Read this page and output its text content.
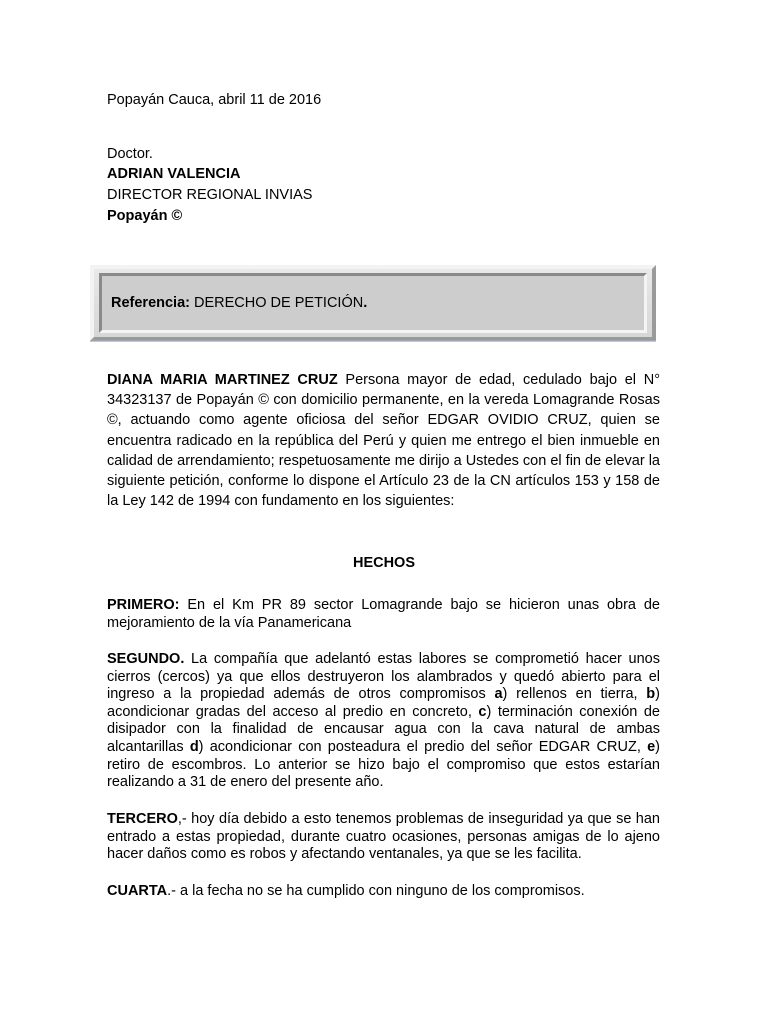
Popayán Cauca, abril 11 de 2016
Doctor.
ADRIAN VALENCIA
DIRECTOR REGIONAL INVIAS
Popayán ©
Referencia: DERECHO DE PETICIÓN.
DIANA MARIA MARTINEZ CRUZ Persona mayor de edad, cedulado bajo el N° 34323137 de Popayán © con domicilio permanente, en la vereda Lomagrande Rosas ©, actuando como agente oficiosa del señor EDGAR OVIDIO CRUZ, quien se encuentra radicado en la república del Perú y quien me entrego el bien inmueble en calidad de arrendamiento; respetuosamente me dirijo a Ustedes con el fin de elevar la siguiente petición, conforme lo dispone el Artículo 23 de la CN artículos 153 y 158 de la Ley 142 de 1994 con fundamento en los siguientes:
HECHOS
PRIMERO: En el Km PR 89 sector Lomagrande bajo se hicieron unas obra de mejoramiento de la vía Panamericana
SEGUNDO. La compañía que adelantó estas labores se comprometió hacer unos cierros (cercos) ya que ellos destruyeron los alambrados y quedó abierto para el ingreso a la propiedad además de otros compromisos a) rellenos en tierra, b) acondicionar gradas del acceso al predio en concreto, c) terminación conexión de disipador con la finalidad de encausar agua con la cava natural de ambas alcantarillas d) acondicionar con posteadura el predio del señor EDGAR CRUZ, e) retiro de escombros. Lo anterior se hizo bajo el compromiso que estos estarían realizando a 31 de enero del presente año.
TERCERO,- hoy día debido a esto tenemos problemas de inseguridad ya que se han entrado a estas propiedad, durante cuatro ocasiones, personas amigas de lo ajeno hacer daños como es robos y afectando ventanales, ya que se les facilita.
CUARTA.- a la fecha no se ha cumplido con ninguno de los compromisos.
